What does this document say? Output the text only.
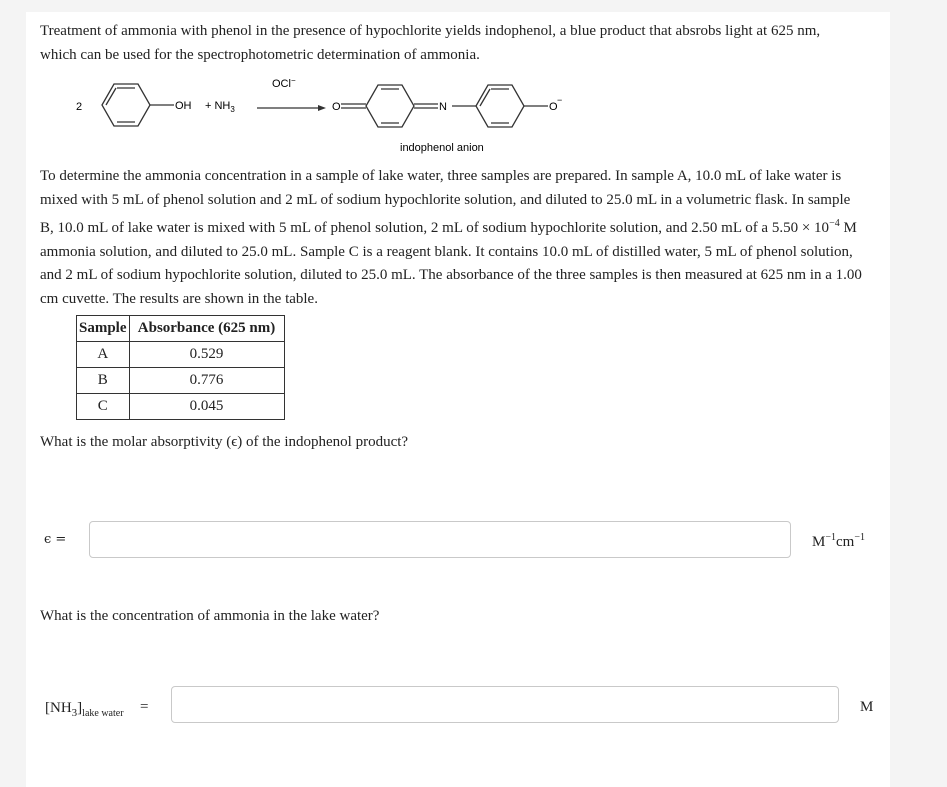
Treatment of ammonia with phenol in the presence of hypochlorite yields indophenol, a blue product that absrobs light at 625 nm, which can be used for the spectrophotometric determination of ammonia.

2	OH + $NH_3$
OCl−
O	N	O
−
indophenol anion

To determine the ammonia concentration in a sample of lake water, three samples are prepared. In sample A, 10.0 mL of lake water is mixed with 5 mL of phenol solution and 2 mL of sodium hypochlorite solution, and diluted to 25.0 mL in a volumetric flask. In sample B, 10.0 mL of lake water is mixed with 5 mL of phenol solution, 2 mL of sodium hypochlorite solution, and 2.50 mL of a $5.50 \times 10^{-4}$ M ammonia solution, and diluted to 25.0 mL. Sample C is a reagent blank. It contains 10.0 mL of distilled water, 5 mL of phenol solution, and 2 mL of sodium hypochlorite solution, diluted to 25.0 mL. The absorbance of the three samples is then measured at 625 nm in a 1.00 cm cuvette. The results are shown in the table.

Sample	Absorbance (625 nm)
A	0.529
B	0.776
C	0.045

What is the molar absorptivity (ϵ) of the indophenol product?

ϵ =	$M^{-1}cm^{-1}$

What is the concentration of ammonia in the lake water?

$[NH_3]_{lake water}$ =	M
